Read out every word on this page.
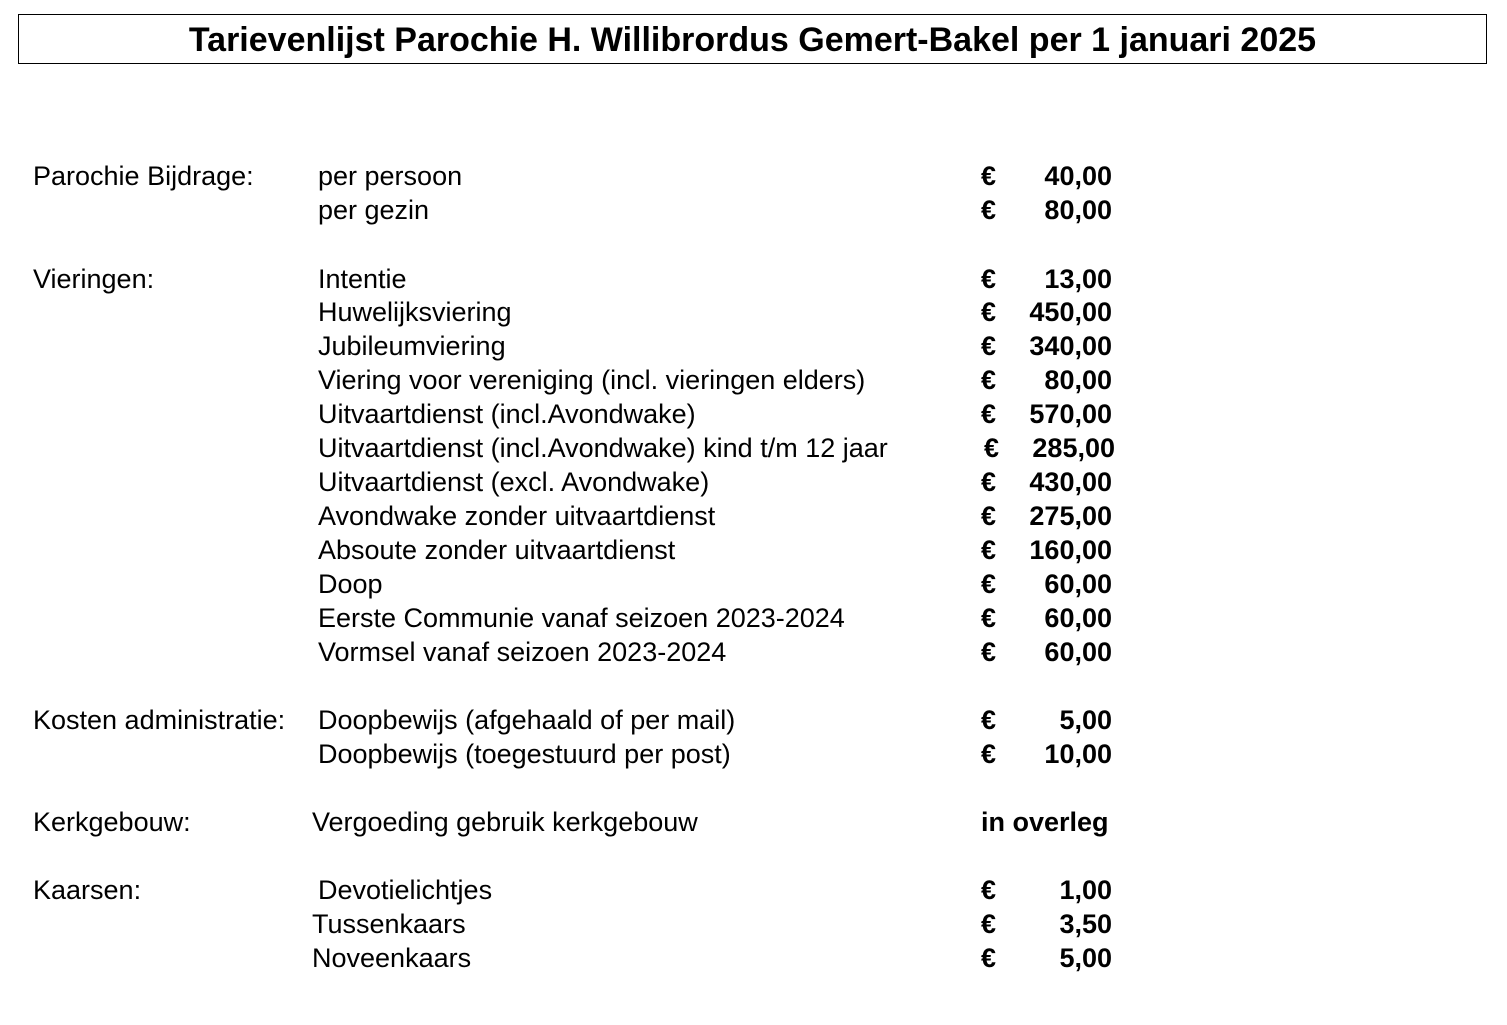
Tarievenlijst Parochie H. Willibrordus Gemert-Bakel per 1 januari 2025
Parochie Bijdrage: per persoon	€ 40,00
per gezin	€ 80,00
Vieringen:	Intentie	€ 13,00
Huwelijksviering	€ 450,00
Jubileumviering	€ 340,00
Viering voor vereniging (incl. vieringen elders)	€ 80,00
Uitvaartdienst (incl.Avondwake)	€ 570,00
Uitvaartdienst (incl.Avondwake) kind t/m 12 jaar	€ 285,00
Uitvaartdienst (excl. Avondwake)	€ 430,00
Avondwake zonder uitvaartdienst	€ 275,00
Absoute zonder uitvaartdienst	€ 160,00
Doop	€ 60,00
Eerste Communie vanaf seizoen 2023-2024	€ 60,00
Vormsel vanaf seizoen 2023-2024	€ 60,00
Kosten administratie: Doopbewijs (afgehaald of per mail)	€ 5,00
Doopbewijs (toegestuurd per post)	€ 10,00
Kerkgebouw:	Vergoeding gebruik kerkgebouw	in overleg
Kaarsen:	Devotielichtjes	€ 1,00
Tussenkaars	€ 3,50
Noveenkaars	€ 5,00
